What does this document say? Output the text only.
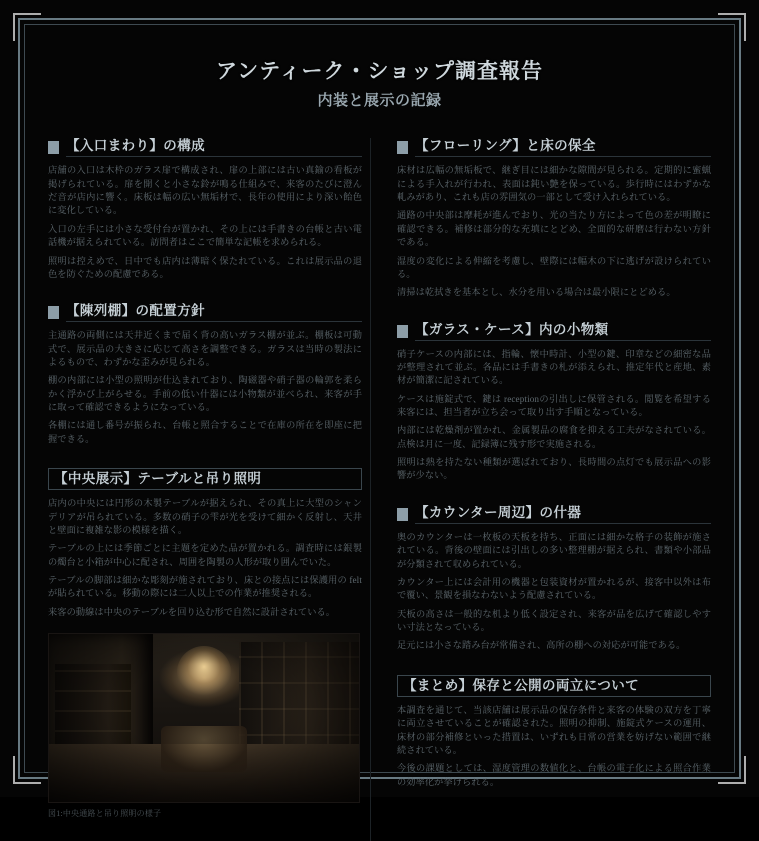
アンティーク・ショップ調査報告
内装と展示の記録
【入口まわり】の構成

店舗の入口は木枠のガラス扉で構成され、扉の上部には古い真鍮の看板が掲げられている。扉を開くと小さな鈴が鳴る仕組みで、来客のたびに澄んだ音が店内に響く。床板は幅の広い無垢材で、長年の使用により深い飴色に変化している。

入口の左手には小さな受付台が置かれ、その上には手書きの台帳と古い電話機が据えられている。訪問者はここで簡単な記帳を求められる。

照明は控えめで、日中でも店内は薄暗く保たれている。これは展示品の退色を防ぐための配慮である。

【陳列棚】の配置方針

主通路の両側には天井近くまで届く背の高いガラス棚が並ぶ。棚板は可動式で、展示品の大きさに応じて高さを調整できる。ガラスは当時の製法によるもので、わずかな歪みが見られる。

棚の内部には小型の照明が仕込まれており、陶磁器や硝子器の輪郭を柔らかく浮かび上がらせる。手前の低い什器には小物類が並べられ、来客が手に取って確認できるようになっている。

各棚には通し番号が振られ、台帳と照合することで在庫の所在を即座に把握できる。

【中央展示】テーブルと吊り照明

店内の中央には円形の木製テーブルが据えられ、その真上に大型のシャンデリアが吊られている。多数の硝子の雫が光を受けて細かく反射し、天井と壁面に複雑な影の模様を描く。

テーブルの上には季節ごとに主題を定めた品が置かれる。調査時には銀製の燭台と小箱が中心に配され、周囲を陶製の人形が取り囲んでいた。

テーブルの脚部は細かな彫刻が施されており、床との接点には保護用の felt が貼られている。移動の際には二人以上での作業が推奨される。

来客の動線は中央のテーブルを回り込む形で自然に設計されている。

図1:中央通路と吊り照明の様子
【フローリング】と床の保全

床材は広幅の無垢板で、継ぎ目には細かな隙間が見られる。定期的に蜜蝋による手入れが行われ、表面は鈍い艶を保っている。歩行時にはわずかな軋みがあり、これも店の雰囲気の一部として受け入れられている。

通路の中央部は摩耗が進んでおり、光の当たり方によって色の差が明瞭に確認できる。補修は部分的な充填にとどめ、全面的な研磨は行わない方針である。

湿度の変化による伸縮を考慮し、壁際には幅木の下に逃げが設けられている。

清掃は乾拭きを基本とし、水分を用いる場合は最小限にとどめる。

【ガラス・ケース】内の小物類

硝子ケースの内部には、指輪、懐中時計、小型の鍵、印章などの細密な品が整理されて並ぶ。各品には手書きの札が添えられ、推定年代と産地、素材が簡潔に記されている。

ケースは施錠式で、鍵は receptionの引出しに保管される。閲覧を希望する来客には、担当者が立ち会って取り出す手順となっている。

内部には乾燥剤が置かれ、金属製品の腐食を抑える工夫がなされている。点検は月に一度、記録簿に残す形で実施される。

照明は熱を持たない種類が選ばれており、長時間の点灯でも展示品への影響が少ない。

【カウンター周辺】の什器

奥のカウンターは一枚板の天板を持ち、正面には細かな格子の装飾が施されている。背後の壁面には引出しの多い整理棚が据えられ、書類や小部品が分類されて収められている。

カウンター上には会計用の機器と包装資材が置かれるが、接客中以外は布で覆い、景観を損なわないよう配慮されている。

天板の高さは一般的な机より低く設定され、来客が品を広げて確認しやすい寸法となっている。

足元には小さな踏み台が常備され、高所の棚への対応が可能である。

【まとめ】保存と公開の両立について

本調査を通じて、当該店舗は展示品の保存条件と来客の体験の双方を丁寧に両立させていることが確認された。照明の抑制、施錠式ケースの運用、床材の部分補修といった措置は、いずれも日常の営業を妨げない範囲で継続されている。

今後の課題としては、湿度管理の数値化と、台帳の電子化による照合作業の効率化が挙げられる。
